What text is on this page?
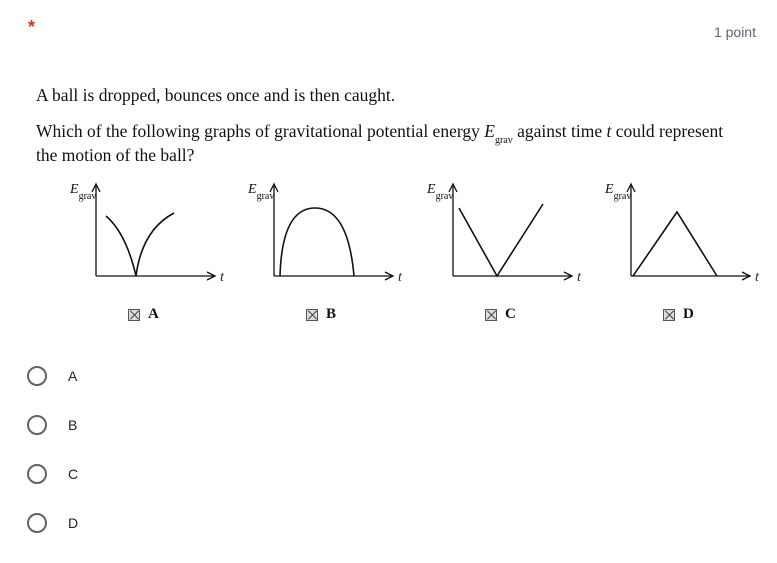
*	1 point
A ball is dropped, bounces once and is then caught.
Which of the following graphs of gravitational potential energy $E_{grav}$ against time t could represent the motion of the ball?
$E_{grav}$
t
A
$E_{grav}$
t
B
$E_{grav}$
t
C
$E_{grav}$
t
D
A
B
C
D
